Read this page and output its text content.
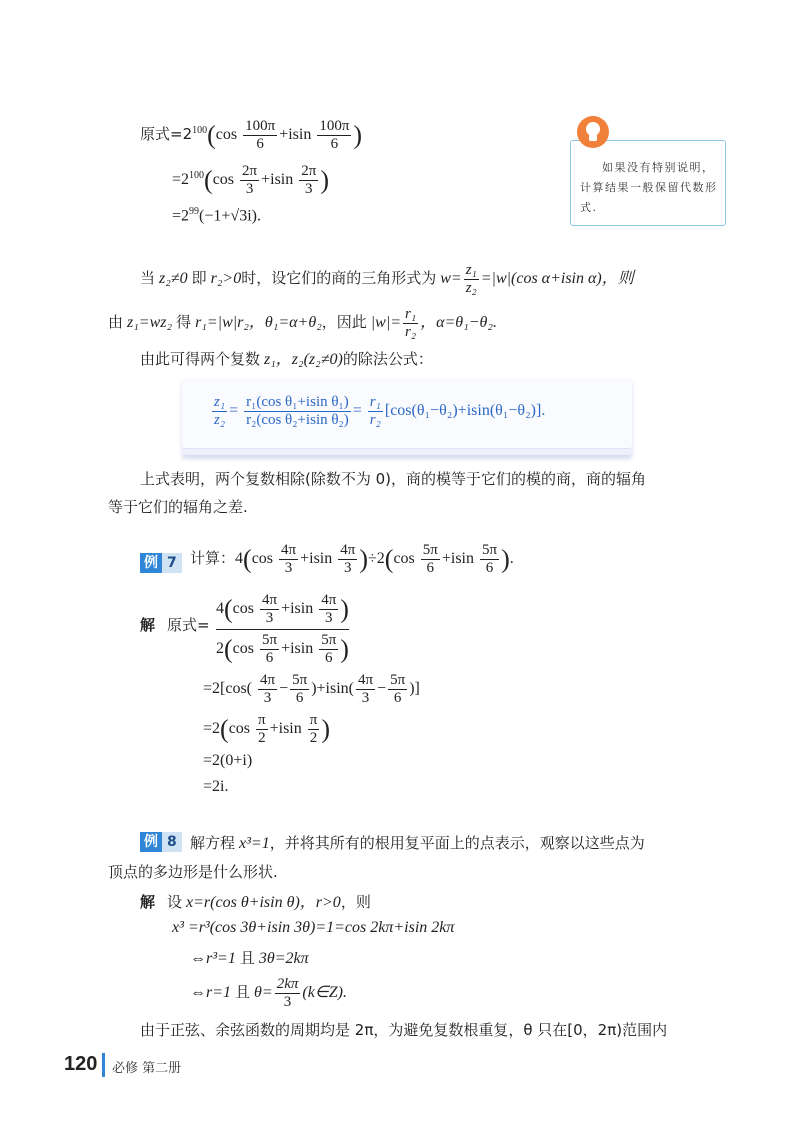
原式$=2^{100}(\cos \frac{100\pi}{6} +isin \frac{100\pi}{6}$ )
$=2^{100}(\cos \frac{2\pi}{3} +isin \frac{2\pi}{3}$ )
$=2^{99}(-1+√3i)$.
如果没有特别说明，计算结果一般保留代数形式.
当 z₂≠0 即 r₂>0时，设它们的商的三角形式为 $w= \frac{\text{z₁}}{\text{z₂}} =|w|(\cos$ α+isin α)，则
由 z₁=wz₂ 得 r₁=|w|r₂，θ₁=α+θ₂，因此 $|w|= \frac{\text{r₁}}{\text{r₂}}$ ，α=θ₁−θ₂.
由此可得两个复数 z₁，z₂(z₂≠0)的除法公式：
$\frac{\text{z₁}}{\text{z₂}} = \frac{\text{r₁(cos θ₁+isin θ₁)}}{\text{r₂(cos θ₂+isin θ₂)}} = \frac{\text{r₁}}{\text{r₂}} [\cos(\theta_1-\theta_2)+isin(\theta_1-\theta_2)]$.
上式表明，两个复数相除(除数不为 0)，商的模等于它们的模的商，商的辐角
等于它们的辐角之差.
例 7 计算：$4(\cos \frac{4\pi}{3} +isin \frac{4\pi}{3} )\div 2(\cos \frac{5\pi}{6} +isin \frac{5\pi}{6}$ ).
解 原式=
$4(\cos \frac{4\pi}{3} +isin \frac{4\pi}{3}$ )
$2(\cos \frac{5\pi}{6} +isin \frac{5\pi}{6}$ )
$=2[\cos( \frac{4\pi}{3} - \frac{5\pi}{6} )+isin( \frac{4\pi}{3} - \frac{5\pi}{6}$ )]
$=2(\cos \frac{\pi}{2} +isin \frac{\pi}{2}$ )
=2(0+i)
=2i.
例 8 解方程 x³=1，并将其所有的根用复平面上的点表示，观察以这些点为
顶点的多边形是什么形状.
解 设 x=r(cos θ+isin θ)，r>0，则
x³ =r³(cos 3θ+isin 3θ)=1=cos 2kπ+isin 2kπ
⇔r³=1 且 3θ=2kπ
⇔r=1 且 $\theta= \frac{2k\pi}{3}$ (k∈Z).
由于正弦、余弦函数的周期均是 2π，为避免复数根重复，θ 只在[0，2π)范围内
120 必修 第二册
